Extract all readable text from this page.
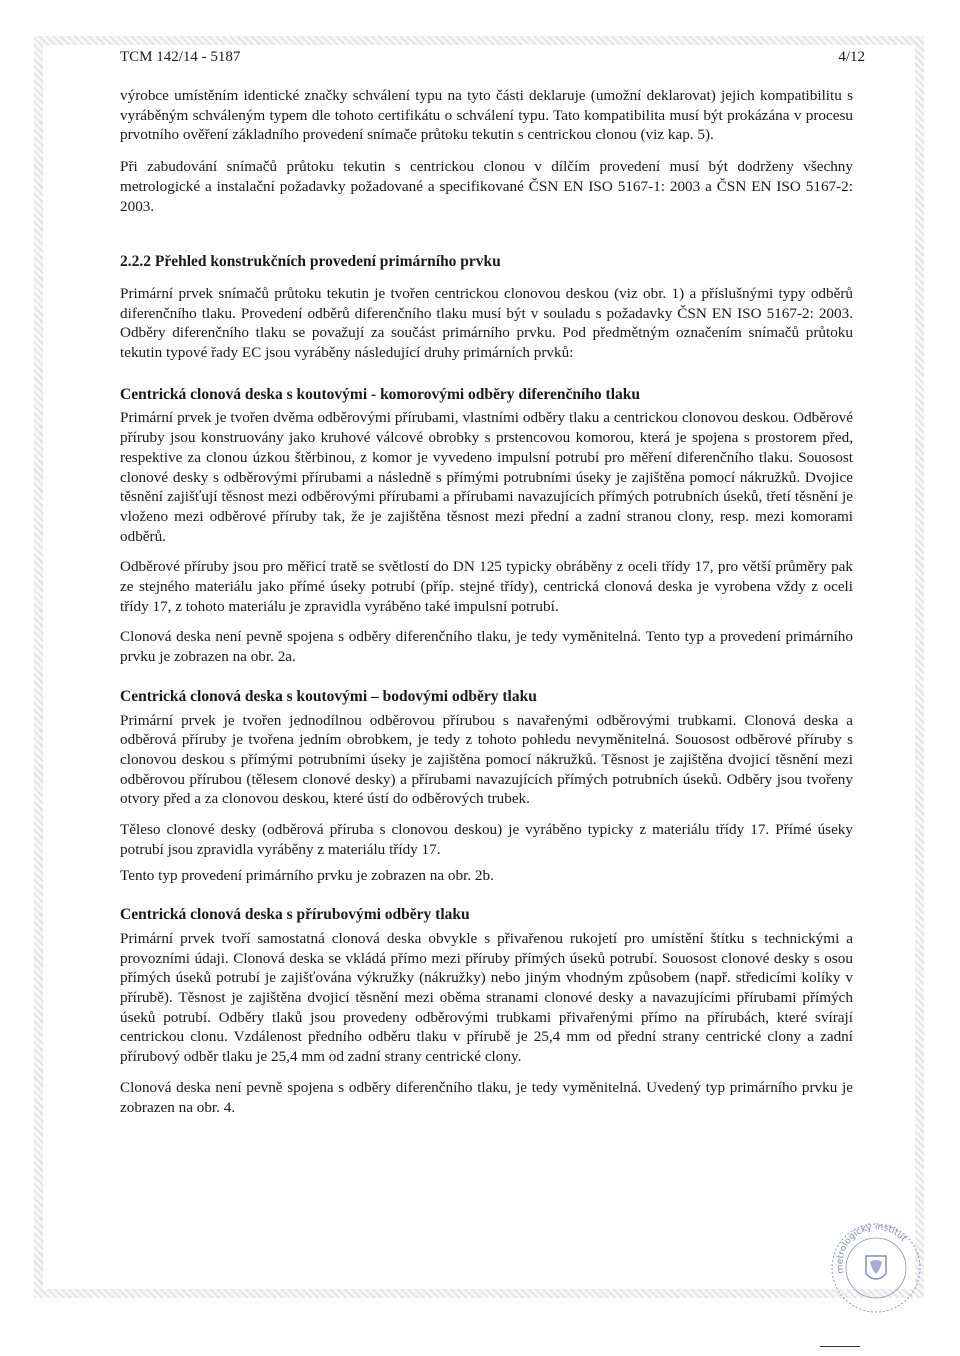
TCM 142/14 - 5187	4/12

výrobce umístěním identické značky schválení typu na tyto části deklaruje (umožní deklarovat) jejich kompatibilitu s vyráběným schváleným typem dle tohoto certifikátu o schválení typu. Tato kompatibilita musí být prokázána v procesu prvotního ověření základního provedení snímače průtoku tekutin s centrickou clonou (viz kap. 5).

Při zabudování snímačů průtoku tekutin s centrickou clonou v dílčím provedení musí být dodrženy všechny metrologické a instalační požadavky požadované a specifikované ČSN EN ISO 5167-1: 2003 a ČSN EN ISO 5167-2: 2003.

2.2.2 Přehled konstrukčních provedení primárního prvku

Primární prvek snímačů průtoku tekutin je tvořen centrickou clonovou deskou (viz obr. 1) a příslušnými typy odběrů diferenčního tlaku. Provedení odběrů diferenčního tlaku musí být v souladu s požadavky ČSN EN ISO 5167-2: 2003. Odběry diferenčního tlaku se považují za součást primárního prvku. Pod předmětným označením snímačů průtoku tekutin typové řady EC jsou vyráběny následující druhy primárních prvků:

Centrická clonová deska s koutovými - komorovými odběry diferenčního tlaku

Primární prvek je tvořen dvěma odběrovými přírubami, vlastními odběry tlaku a centrickou clonovou deskou. Odběrové příruby jsou konstruovány jako kruhové válcové obrobky s prstencovou komorou, která je spojena s prostorem před, respektive za clonou úzkou štěrbinou, z komor je vyvedeno impulsní potrubí pro měření diferenčního tlaku. Souosost clonové desky s odběrovými přírubami a následně s přímými potrubními úseky je zajištěna pomocí nákružků. Dvojice těsnění zajišťují těsnost mezi odběrovými přírubami a přírubami navazujících přímých potrubních úseků, třetí těsnění je vloženo mezi odběrové příruby tak, že je zajištěna těsnost mezi přední a zadní stranou clony, resp. mezi komorami odběrů.

Odběrové příruby jsou pro měřicí tratě se světlostí do DN 125 typicky obráběny z oceli třídy 17, pro větší průměry pak ze stejného materiálu jako přímé úseky potrubí (příp. stejné třídy), centrická clonová deska je vyrobena vždy z oceli třídy 17, z tohoto materiálu je zpravidla vyráběno také impulsní potrubí.

Clonová deska není pevně spojena s odběry diferenčního tlaku, je tedy vyměnitelná. Tento typ a provedení primárního prvku je zobrazen na obr. 2a.

Centrická clonová deska s koutovými – bodovými odběry tlaku

Primární prvek je tvořen jednodílnou odběrovou přírubou s navařenými odběrovými trubkami. Clonová deska a odběrová příruby je tvořena jedním obrobkem, je tedy z tohoto pohledu nevyměnitelná. Souosost odběrové příruby s clonovou deskou s přímými potrubními úseky je zajištěna pomocí nákružků. Těsnost je zajištěna dvojicí těsnění mezi odběrovou přírubou (tělesem clonové desky) a přírubami navazujících přímých potrubních úseků. Odběry jsou tvořeny otvory před a za clonovou deskou, které ústí do odběrových trubek.

Těleso clonové desky (odběrová příruba s clonovou deskou) je vyráběno typicky z materiálu třídy 17. Přímé úseky potrubí jsou zpravidla vyráběny z materiálu třídy 17.

Tento typ provedení primárního prvku je zobrazen na obr. 2b.

Centrická clonová deska s přírubovými odběry tlaku

Primární prvek tvoří samostatná clonová deska obvykle s přivařenou rukojetí pro umístění štítku s technickými a provozními údaji. Clonová deska se vkládá přímo mezi příruby přímých úseků potrubí. Souosost clonové desky s osou přímých úseků potrubí je zajišťována výkružky (nákružky) nebo jiným vhodným způsobem (např. středicími kolíky v přírubě). Těsnost je zajištěna dvojicí těsnění mezi oběma stranami clonové desky a navazujícími přírubami přímých úseků potrubí. Odběry tlaků jsou provedeny odběrovými trubkami přivařenými přímo na přírubách, které svírají centrickou clonu. Vzdálenost předního odběru tlaku v přírubě je 25,4 mm od přední strany centrické clony a zadní přírubový odběr tlaku je 25,4 mm od zadní strany centrické clony.

Clonová deska není pevně spojena s odběry diferenčního tlaku, je tedy vyměnitelná. Uvedený typ primárního prvku je zobrazen na obr. 4.

metrologický institut
